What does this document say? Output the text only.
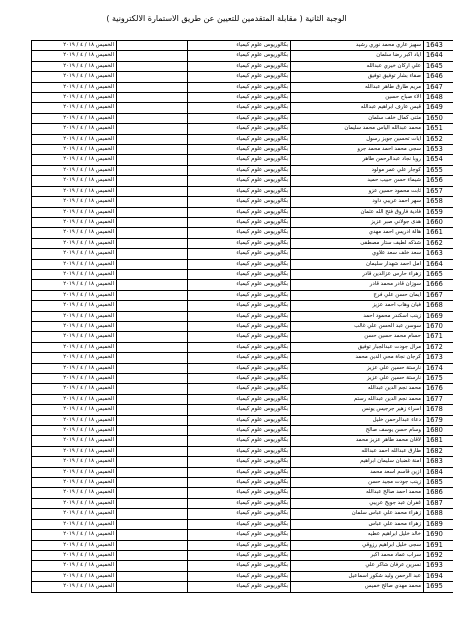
الوجبة الثانية ( مقابلة المتقدمين للتعيين عن طريق الاستمارة الالكترونية )
الخميس ١٨ / ٤ / ٢٠١٩		بكالوريوس علوم كيمياء	سهيز عاري محمد نوري رشيد	1643
الخميس ١٨ / ٤ / ٢٠١٩		بكالوريوس علوم كيمياء	اياد اكبر رضا سلمان	1644
الخميس ١٨ / ٤ / ٢٠١٩		بكالوريوس علوم كيمياء	علي اركان خيري عبدالله	1645
الخميس ١٨ / ٤ / ٢٠١٩		بكالوريوس علوم كيمياء	صفاء بشار توفيق توفيق	1646
الخميس ١٨ / ٤ / ٢٠١٩		بكالوريوس علوم كيمياء	مريم طارق طاهر عبدالله	1647
الخميس ١٨ / ٤ / ٢٠١٩		بكالوريوس علوم كيمياء	الاء صباح حسين	1648
الخميس ١٨ / ٤ / ٢٠١٩		بكالوريوس علوم كيمياء	قيس عارف ابراهيم عبدالله	1649
الخميس ١٨ / ٤ / ٢٠١٩		بكالوريوس علوم كيمياء	مثنى كمال خلف سلمان	1650
الخميس ١٨ / ٤ / ٢٠١٩		بكالوريوس علوم كيمياء	محمد عبدالله الياس محمد سليمان	1651
الخميس ١٨ / ٤ / ٢٠١٩		بكالوريوس علوم كيمياء	ايات تحسين جويز رسول	1652
الخميس ١٨ / ٤ / ٢٠١٩		بكالوريوس علوم كيمياء	سجى محمد احمد محمد جرو	1653
الخميس ١٨ / ٤ / ٢٠١٩		بكالوريوس علوم كيمياء	روبا نجاد عبدالرحمن طاهر	1654
الخميس ١٨ / ٤ / ٢٠١٩		بكالوريوس علوم كيمياء	كوجار علي عمر مولود	1655
الخميس ١٨ / ٤ / ٢٠١٩		بكالوريوس علوم كيمياء	شيماء حسن حبيب حميد	1656
الخميس ١٨ / ٤ / ٢٠١٩		بكالوريوس علوم كيمياء	ثابت محمود حسين عزو	1657
الخميس ١٨ / ٤ / ٢٠١٩		بكالوريوس علوم كيمياء	سهر احمد عريبي داود	1658
الخميس ١٨ / ٤ / ٢٠١٩		بكالوريوس علوم كيمياء	فادية فاروق فتح الله عثمان	1659
الخميس ١٨ / ٤ / ٢٠١٩		بكالوريوس علوم كيمياء	هدى جولاني صبر عزيز	1660
الخميس ١٨ / ٤ / ٢٠١٩		بكالوريوس علوم كيمياء	هالة ادريس احمد مهدي	1661
الخميس ١٨ / ٤ / ٢٠١٩		بكالوريوس علوم كيمياء	شذكه لطيف ستار مصطفى	1662
الخميس ١٨ / ٤ / ٢٠١٩		بكالوريوس علوم كيمياء	سعد خلف سعد علاوي	1663
الخميس ١٨ / ٤ / ٢٠١٩		بكالوريوس علوم كيمياء	امل احمد شهدار سليمان	1664
الخميس ١٨ / ٤ / ٢٠١٩		بكالوريوس علوم كيمياء	زهراء حارس عزالدين قادر	1665
الخميس ١٨ / ٤ / ٢٠١٩		بكالوريوس علوم كيمياء	سوزان قادر محمد قادر	1666
الخميس ١٨ / ٤ / ٢٠١٩		بكالوريوس علوم كيمياء	ايمان حسن علي فرج	1667
الخميس ١٨ / ٤ / ٢٠١٩		بكالوريوس علوم كيمياء	فيان وهاب احمد عزيز	1668
الخميس ١٨ / ٤ / ٢٠١٩		بكالوريوس علوم كيمياء	زينب اسكندر محمود احمد	1669
الخميس ١٨ / ٤ / ٢٠١٩		بكالوريوس علوم كيمياء	سوسن عبد الحسن علي غالب	1670
الخميس ١٨ / ٤ / ٢٠١٩		بكالوريوس علوم كيمياء	حسام محمد حسين حسن	1671
الخميس ١٨ / ٤ / ٢٠١٩		بكالوريوس علوم كيمياء	مرال جودت عبدالجبار توفيق	1672
الخميس ١٨ / ٤ / ٢٠١٩		بكالوريوس علوم كيمياء	كرجان نجاة محي الدين محمد	1673
الخميس ١٨ / ٤ / ٢٠١٩		بكالوريوس علوم كيمياء	نارستة حسين علي عزيز	1674
الخميس ١٨ / ٤ / ٢٠١٩		بكالوريوس علوم كيمياء	نارستة حسين علي عزيز	1675
الخميس ١٨ / ٤ / ٢٠١٩		بكالوريوس علوم كيمياء	محمد نجم الدين عبدالله	1676
الخميس ١٨ / ٤ / ٢٠١٩		بكالوريوس علوم كيمياء	محمد نجم الدين عبدالله رستم	1677
الخميس ١٨ / ٤ / ٢٠١٩		بكالوريوس علوم كيمياء	اسراء زهير جرجيس يونس	1678
الخميس ١٨ / ٤ / ٢٠١٩		بكالوريوس علوم كيمياء	دعاء عبدالرحمن خليل	1679
الخميس ١٨ / ٤ / ٢٠١٩		بكالوريوس علوم كيمياء	وسام حسن يوسف صالح	1680
الخميس ١٨ / ٤ / ٢٠١٩		بكالوريوس علوم كيمياء	لاقان محمد طاهر عزيز محمد	1681
الخميس ١٨ / ٤ / ٢٠١٩		بكالوريوس علوم كيمياء	طارق عبدالله احمد عبدالله	1682
الخميس ١٨ / ٤ / ٢٠١٩		بكالوريوس علوم كيمياء	امنة غضبان سليمان ابراهيم	1683
الخميس ١٨ / ٤ / ٢٠١٩		بكالوريوس علوم كيمياء	ازين قاسم اسعد محمد	1684
الخميس ١٨ / ٤ / ٢٠١٩		بكالوريوس علوم كيمياء	زينب جودت مجيد حسن	1685
الخميس ١٨ / ٤ / ٢٠١٩		بكالوريوس علوم كيمياء	محمد احمد صالح عبدالله	1686
الخميس ١٨ / ٤ / ٢٠١٩		بكالوريوس علوم كيمياء	غفران عبد جويخ عريبي	1687
الخميس ١٨ / ٤ / ٢٠١٩		بكالوريوس علوم كيمياء	زهراء محمد علي عباس سلمان	1688
الخميس ١٨ / ٤ / ٢٠١٩		بكالوريوس علوم كيمياء	زهراء محمد علي عباس	1689
الخميس ١٨ / ٤ / ٢٠١٩		بكالوريوس علوم كيمياء	خالد خليل ابراهيم عطيه	1690
الخميس ١٨ / ٤ / ٢٠١٩		بكالوريوس علوم كيمياء	سجى خليل ابراهيم رزوقي	1691
الخميس ١٨ / ٤ / ٢٠١٩		بكالوريوس علوم كيمياء	سراب عماد محمد اكبر	1692
الخميس ١٨ / ٤ / ٢٠١٩		بكالوريوس علوم كيمياء	نسرين عرفان شاكر علي	1693
الخميس ١٨ / ٤ / ٢٠١٩		بكالوريوس علوم كيمياء	عبد الرحمن وليد شكور اسماعيل	1694
الخميس ١٨ / ٤ / ٢٠١٩		بكالوريوس علوم كيمياء	محمد مهدي صالح خميس	1695
